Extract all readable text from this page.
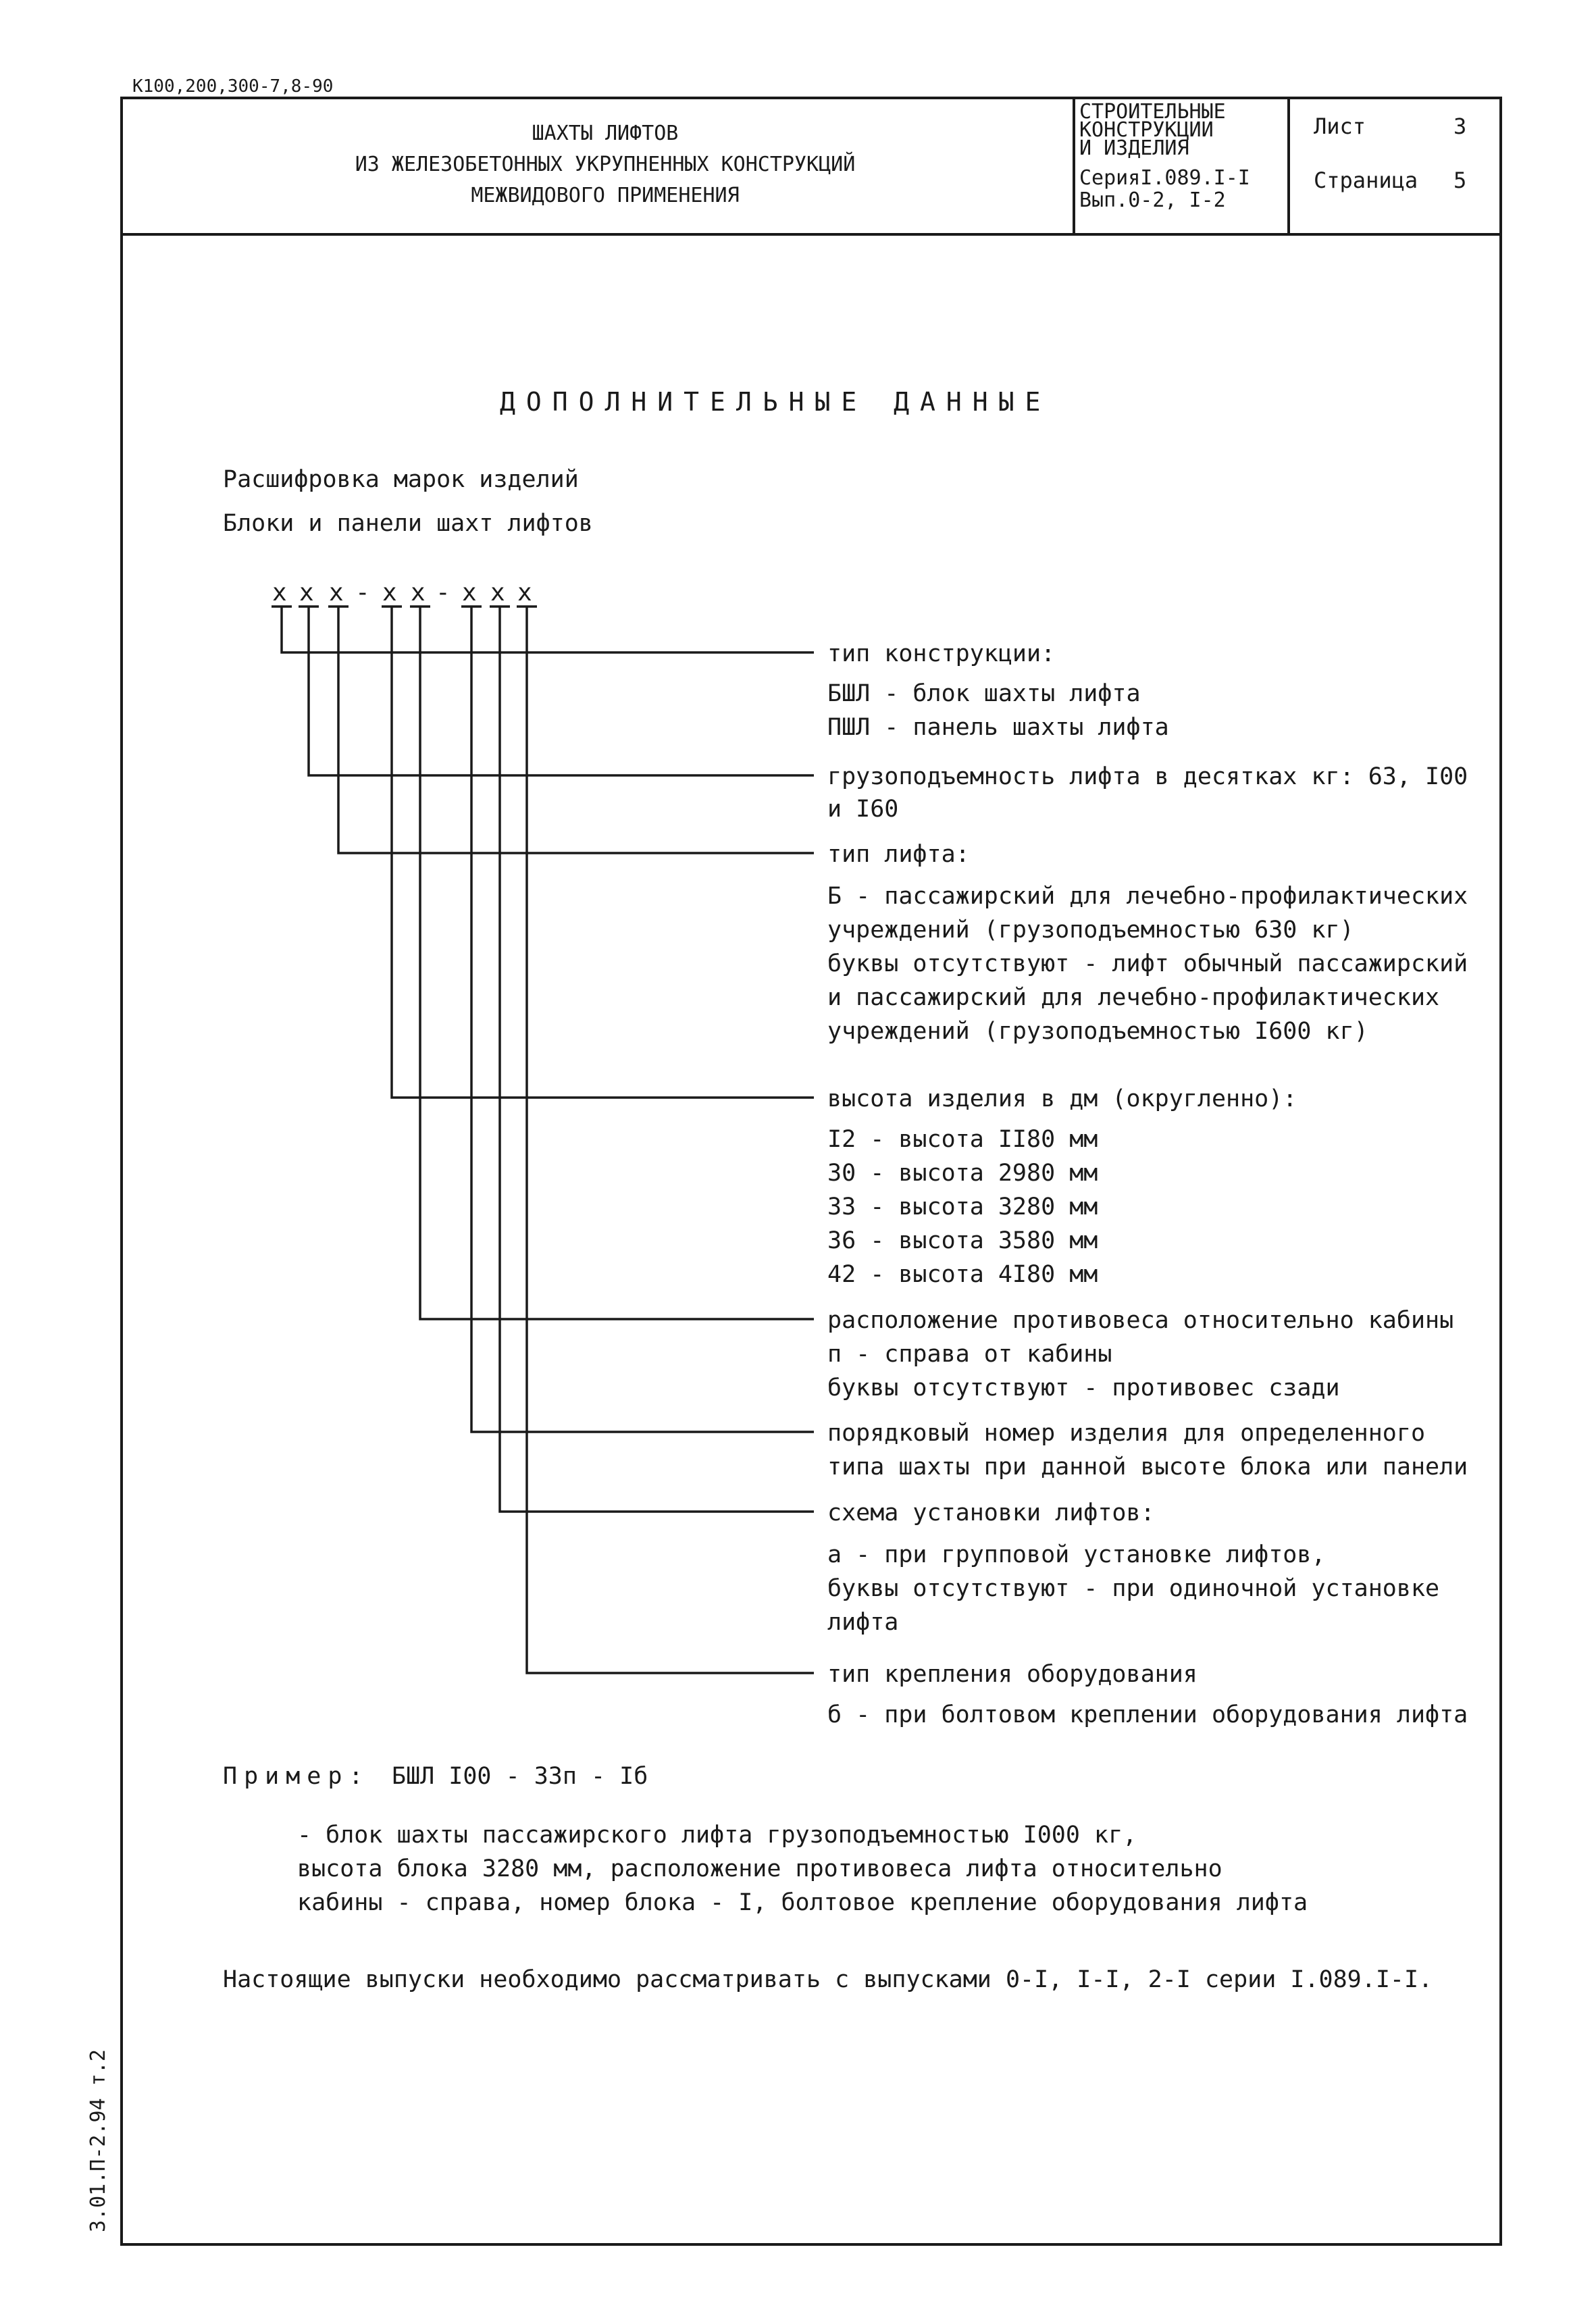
К100,200,300-7,8-90
ШАХТЫ ЛИФТОВ
ИЗ ЖЕЛЕЗОБЕТОННЫХ УКРУПНЕННЫХ КОНСТРУКЦИЙ
МЕЖВИДОВОГО ПРИМЕНЕНИЯ
СТРОИТЕЛЬНЫЕ
КОНСТРУКЦИИ
И ИЗДЕЛИЯ
СерияI.089.I-I
Вып.0-2, I-2
Лист	3
Страница 5
ДОПОЛНИТЕЛЬНЫЕ ДАННЫЕ
Расшифровка марок изделий
Блоки и панели шахт лифтов
х х х - х х - х х х
тип конструкции:
БШЛ - блок шахты лифта
ПШЛ - панель шахты лифта
грузоподъемность лифта в десятках кг: 63, I00
и I60
тип лифта:
Б - пассажирский для лечебно-профилактических
учреждений (грузоподъемностью 630 кг)
буквы отсутствуют - лифт обычный пассажирский
и пассажирский для лечебно-профилактических
учреждений (грузоподъемностью I600 кг)
высота изделия в дм (округленно):
I2 - высота II80 мм
30 - высота 2980 мм
33 - высота 3280 мм
36 - высота 3580 мм
42 - высота 4I80 мм
расположение противовеса относительно кабины
п - справа от кабины
буквы отсутствуют - противовес сзади
порядковый номер изделия для определенного
типа шахты при данной высоте блока или панели
схема установки лифтов:
а - при групповой установке лифтов,
буквы отсутствуют - при одиночной установке
лифта
тип крепления оборудования
б - при болтовом креплении оборудования лифта
Пример: БШЛ I00 - 33п - Iб
- блок шахты пассажирского лифта грузоподъемностью I000 кг,
высота блока 3280 мм, расположение противовеса лифта относительно
кабины - справа, номер блока - I, болтовое крепление оборудования лифта
Настоящие выпуски необходимо рассматривать с выпусками 0-I, I-I, 2-I серии I.089.I-I.
3.01.П-2.94 т.2
